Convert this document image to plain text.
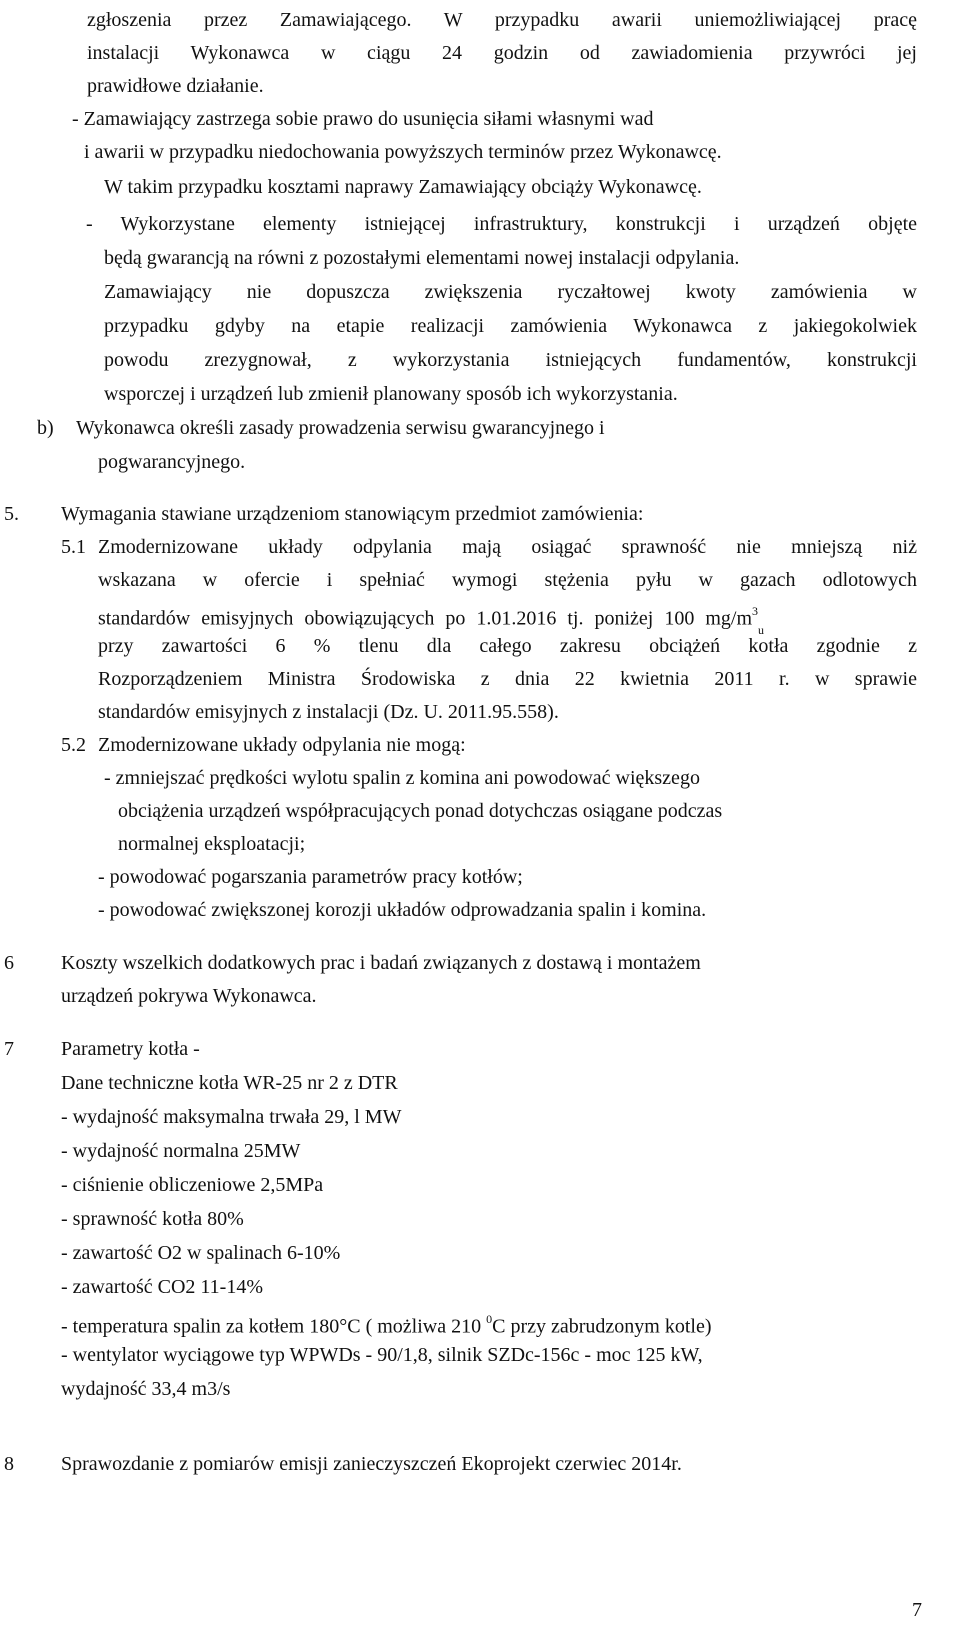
zgłoszenia przez Zamawiającego. W przypadku awarii uniemożliwiającej pracę
instalacji Wykonawca w ciągu 24 godzin od zawiadomienia przywróci jej
prawidłowe działanie.
- Zamawiający zastrzega sobie prawo do usunięcia siłami własnymi wad
i awarii w przypadku niedochowania powyższych terminów przez Wykonawcę.
W takim przypadku kosztami naprawy Zamawiający obciąży Wykonawcę.
- Wykorzystane elementy istniejącej infrastruktury, konstrukcji i urządzeń objęte
będą gwarancją na równi z pozostałymi elementami nowej instalacji odpylania.
Zamawiający nie dopuszcza zwiększenia ryczałtowej kwoty zamówienia w
przypadku gdyby na etapie realizacji zamówienia Wykonawca z jakiegokolwiek
powodu zrezygnował, z wykorzystania istniejących fundamentów, konstrukcji
wsporczej i urządzeń lub zmienił planowany sposób ich wykorzystania.
b) Wykonawca określi zasady prowadzenia serwisu gwarancyjnego i
pogwarancyjnego.
5. Wymagania stawiane urządzeniom stanowiącym przedmiot zamówienia:
5.1 Zmodernizowane układy odpylania mają osiągać sprawność nie mniejszą niż
wskazana w ofercie i spełniać wymogi stężenia pyłu w gazach odlotowych
standardów emisyjnych obowiązujących po 1.01.2016 tj. poniżej 100 $mg/m^3_u$
przy zawartości 6 % tlenu dla całego zakresu obciążeń kotła zgodnie z
Rozporządzeniem Ministra Środowiska z dnia 22 kwietnia 2011 r. w sprawie
standardów emisyjnych z instalacji (Dz. U. 2011.95.558).
5.2 Zmodernizowane układy odpylania nie mogą:
- zmniejszać prędkości wylotu spalin z komina ani powodować większego
obciążenia urządzeń współpracujących ponad dotychczas osiągane podczas
normalnej eksploatacji;
- powodować pogarszania parametrów pracy kotłów;
- powodować zwiększonej korozji układów odprowadzania spalin i komina.
6 Koszty wszelkich dodatkowych prac i badań związanych z dostawą i montażem
urządzeń pokrywa Wykonawca.
7 Parametry kotła -
Dane techniczne kotła WR-25 nr 2 z DTR
- wydajność maksymalna trwała 29, l MW
- wydajność normalna 25MW
- ciśnienie obliczeniowe 2,5MPa
- sprawność kotła 80%
- zawartość O2 w spalinach 6-10%
- zawartość CO2 11-14%
- temperatura spalin za kotłem 180°C ( możliwa 210 $^0$C przy zabrudzonym kotle)
- wentylator wyciągowe typ WPWDs - 90/1,8, silnik SZDc-156c - moc 125 kW,
wydajność 33,4 m3/s
8 Sprawozdanie z pomiarów emisji zanieczyszczeń Ekoprojekt czerwiec 2014r.
7
